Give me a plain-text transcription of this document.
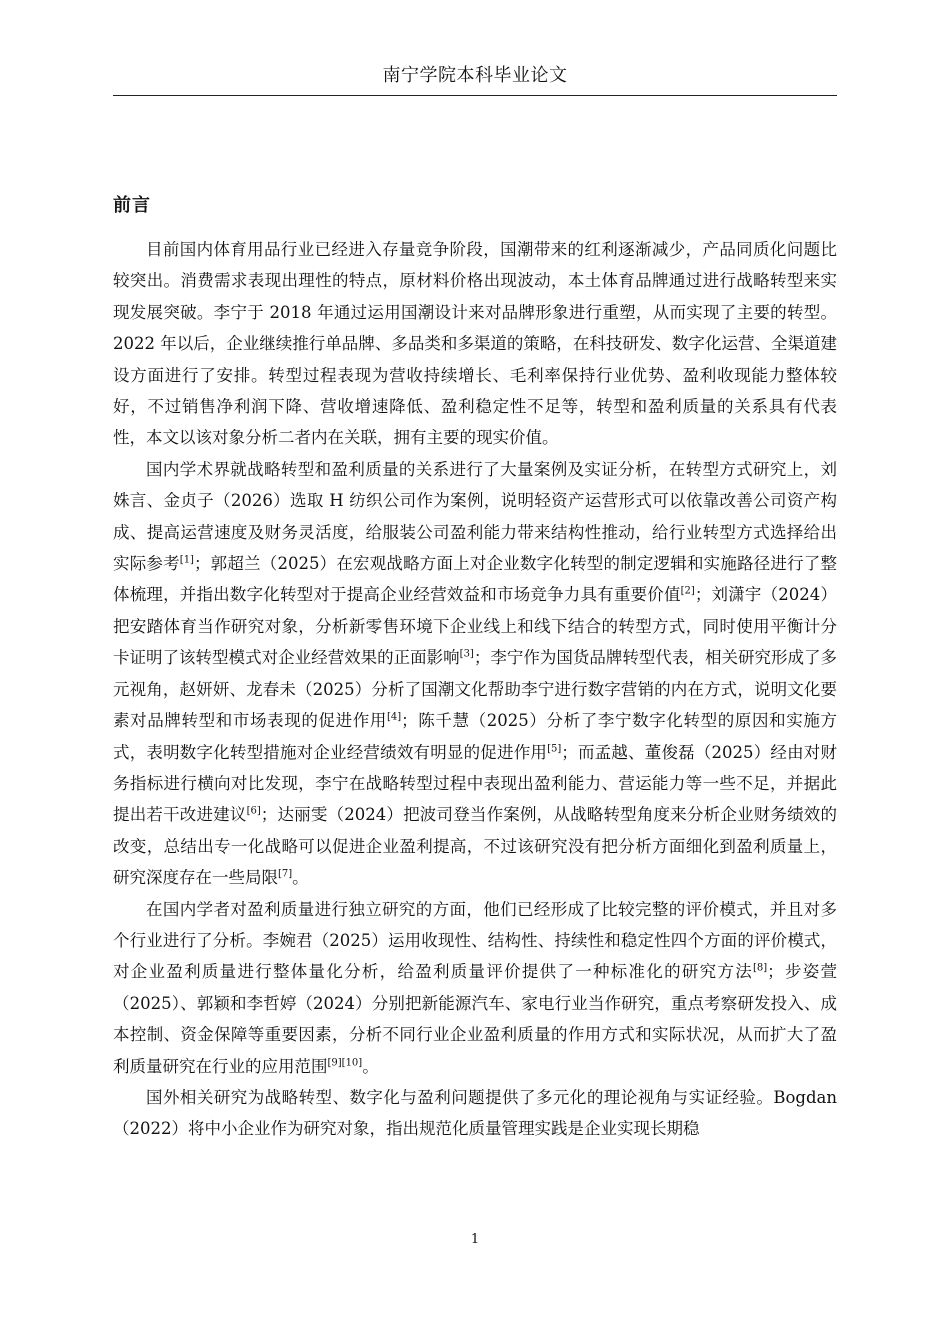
南宁学院本科毕业论文
前言

目前国内体育用品行业已经进入存量竞争阶段，国潮带来的红利逐渐减少，产品同质化问题比较突出。消费需求表现出理性的特点，原材料价格出现波动，本土体育品牌通过进行战略转型来实现发展突破。李宁于 2018 年通过运用国潮设计来对品牌形象进行重塑，从而实现了主要的转型。2022 年以后，企业继续推行单品牌、多品类和多渠道的策略，在科技研发、数字化运营、全渠道建设方面进行了安排。转型过程表现为营收持续增长、毛利率保持行业优势、盈利收现能力整体较好，不过销售净利润下降、营收增速降低、盈利稳定性不足等，转型和盈利质量的关系具有代表性，本文以该对象分析二者内在关联，拥有主要的现实价值。

国内学术界就战略转型和盈利质量的关系进行了大量案例及实证分析，在转型方式研究上，刘姝言、金贞子（2026）选取 H 纺织公司作为案例，说明轻资产运营形式可以依靠改善公司资产构成、提高运营速度及财务灵活度，给服装公司盈利能力带来结构性推动，给行业转型方式选择给出实际参考[1]；郭超兰（2025）在宏观战略方面上对企业数字化转型的制定逻辑和实施路径进行了整体梳理，并指出数字化转型对于提高企业经营效益和市场竞争力具有重要价值[2]；刘潇宇（2024）把安踏体育当作研究对象，分析新零售环境下企业线上和线下结合的转型方式，同时使用平衡计分卡证明了该转型模式对企业经营效果的正面影响[3]；李宁作为国货品牌转型代表，相关研究形成了多元视角，赵妍妍、龙春未（2025）分析了国潮文化帮助李宁进行数字营销的内在方式，说明文化要素对品牌转型和市场表现的促进作用[4]；陈千慧（2025）分析了李宁数字化转型的原因和实施方式，表明数字化转型措施对企业经营绩效有明显的促进作用[5]；而孟越、董俊磊（2025）经由对财务指标进行横向对比发现，李宁在战略转型过程中表现出盈利能力、营运能力等一些不足，并据此提出若干改进建议[6]；达丽雯（2024）把波司登当作案例，从战略转型角度来分析企业财务绩效的改变，总结出专一化战略可以促进企业盈利提高，不过该研究没有把分析方面细化到盈利质量上，研究深度存在一些局限[7]。

在国内学者对盈利质量进行独立研究的方面，他们已经形成了比较完整的评价模式，并且对多个行业进行了分析。李婉君（2025）运用收现性、结构性、持续性和稳定性四个方面的评价模式，对企业盈利质量进行整体量化分析，给盈利质量评价提供了一种标准化的研究方法[8]；步姿萱（2025）、郭颖和李哲婷（2024）分别把新能源汽车、家电行业当作研究，重点考察研发投入、成本控制、资金保障等重要因素，分析不同行业企业盈利质量的作用方式和实际状况，从而扩大了盈利质量研究在行业的应用范围[9][10]。

国外相关研究为战略转型、数字化与盈利问题提供了多元化的理论视角与实证经验。Bogdan（2022）将中小企业作为研究对象，指出规范化质量管理实践是企业实现长期稳

1
